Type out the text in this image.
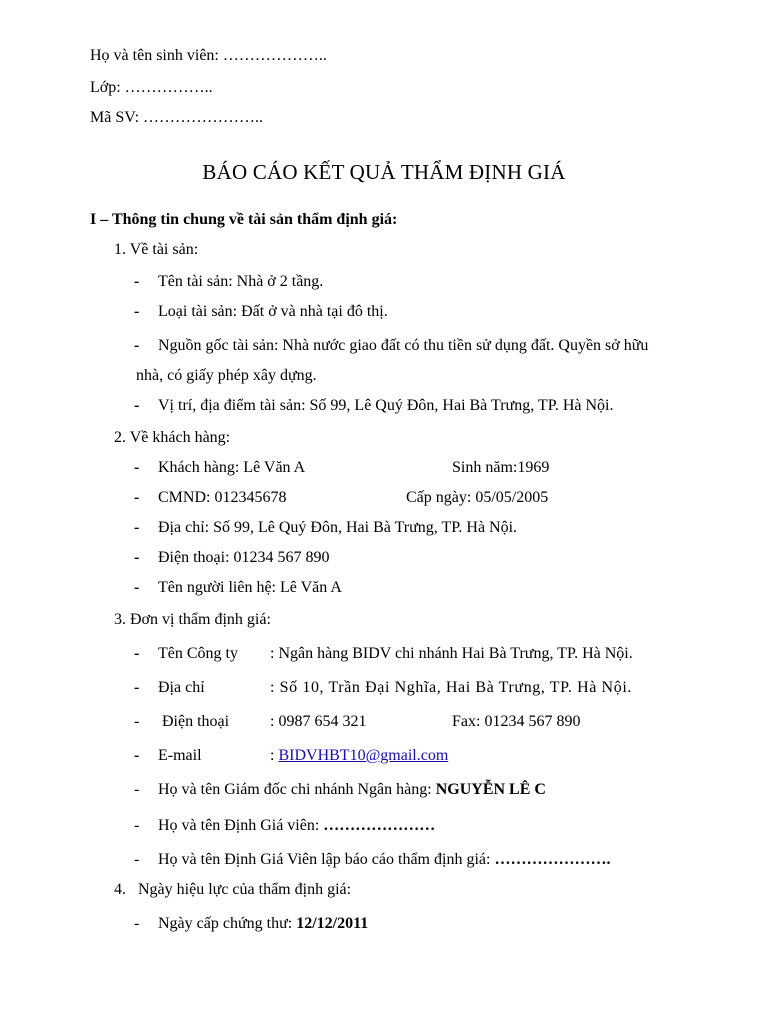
Họ và tên sinh viên: ………………..
Lớp: ……………..
Mã SV: …………………..
BÁO CÁO KẾT QUẢ THẨM ĐỊNH GIÁ
I – Thông tin chung về tài sản thẩm định giá:
1. Về tài sản:
- Tên tài sản: Nhà ở 2 tầng.
- Loại tài sản: Đất ở và nhà tại đô thị.
- Nguồn gốc tài sản: Nhà nước giao đất có thu tiền sử dụng đất. Quyền sở hữu
nhà, có giấy phép xây dựng.
- Vị trí, địa điểm tài sản: Số 99, Lê Quý Đôn, Hai Bà Trưng, TP. Hà Nội.
2. Về khách hàng:
- Khách hàng: Lê Văn A	Sinh năm:1969
- CMND: 012345678	Cấp ngày: 05/05/2005
- Địa chỉ: Số 99, Lê Quý Đôn, Hai Bà Trưng, TP. Hà Nội.
- Điện thoại: 01234 567 890
- Tên người liên hệ: Lê Văn A
3. Đơn vị thẩm định giá:
- Tên Công ty : Ngân hàng BIDV chi nhánh Hai Bà Trưng, TP. Hà Nội.
- Địa chỉ	: Số 10, Trần Đại Nghĩa, Hai Bà Trưng, TP. Hà Nội.
- Điện thoại	: 0987 654 321	Fax: 01234 567 890
- E-mail	: BIDVHBT10@gmail.com
- Họ và tên Giám đốc chi nhánh Ngân hàng: NGUYỄN LÊ C
- Họ và tên Định Giá viên: …………………
- Họ và tên Định Giá Viên lập báo cáo thẩm định giá: ………………….
4.   Ngày hiệu lực của thẩm định giá:
- Ngày cấp chứng thư: 12/12/2011
